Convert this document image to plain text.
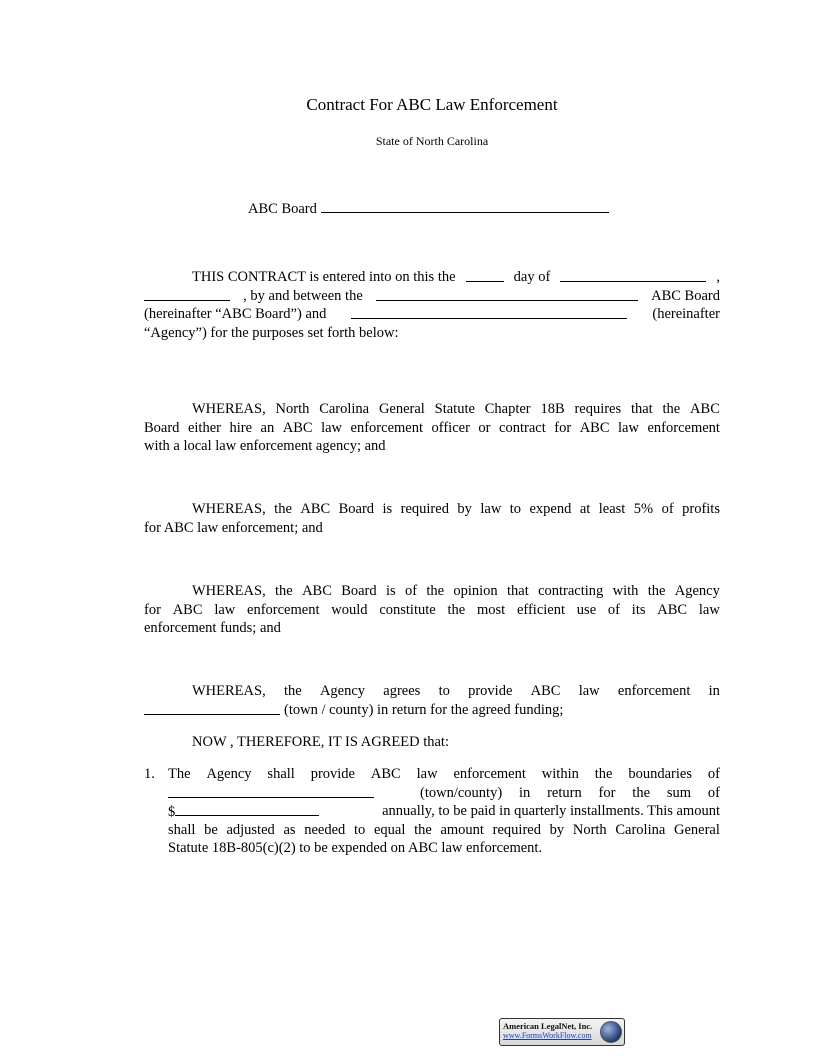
Contract For ABC Law Enforcement
State of North Carolina
ABC Board
THIS CONTRACT is entered into on this the	day of	,
, by and between the	ABC Board
(hereinafter “ABC Board”) and	(hereinafter
“Agency”) for the purposes set forth below:
WHEREAS, North Carolina General Statute Chapter 18B requires that the ABC
Board either hire an ABC law enforcement officer or contract for ABC law enforcement
with a local law enforcement agency; and
WHEREAS, the ABC Board is required by law to expend at least 5% of profits
for ABC law enforcement; and
WHEREAS, the ABC Board is of the opinion that contracting with the Agency
for ABC law enforcement would constitute the most efficient use of its ABC law
enforcement funds; and
WHEREAS, the Agency agrees to provide ABC law enforcement in
(town / county) in return for the agreed funding;
NOW , THEREFORE, IT IS AGREED that:
1. The Agency shall provide ABC law enforcement within the boundaries of
(town/county) in return for the sum of
$	annually, to be paid in quarterly installments. This amount
shall be adjusted as needed to equal the amount required by North Carolina General
Statute 18B-805(c)(2) to be expended on ABC law enforcement.
American LegalNet, Inc.
www.FormsWorkFlow.com
